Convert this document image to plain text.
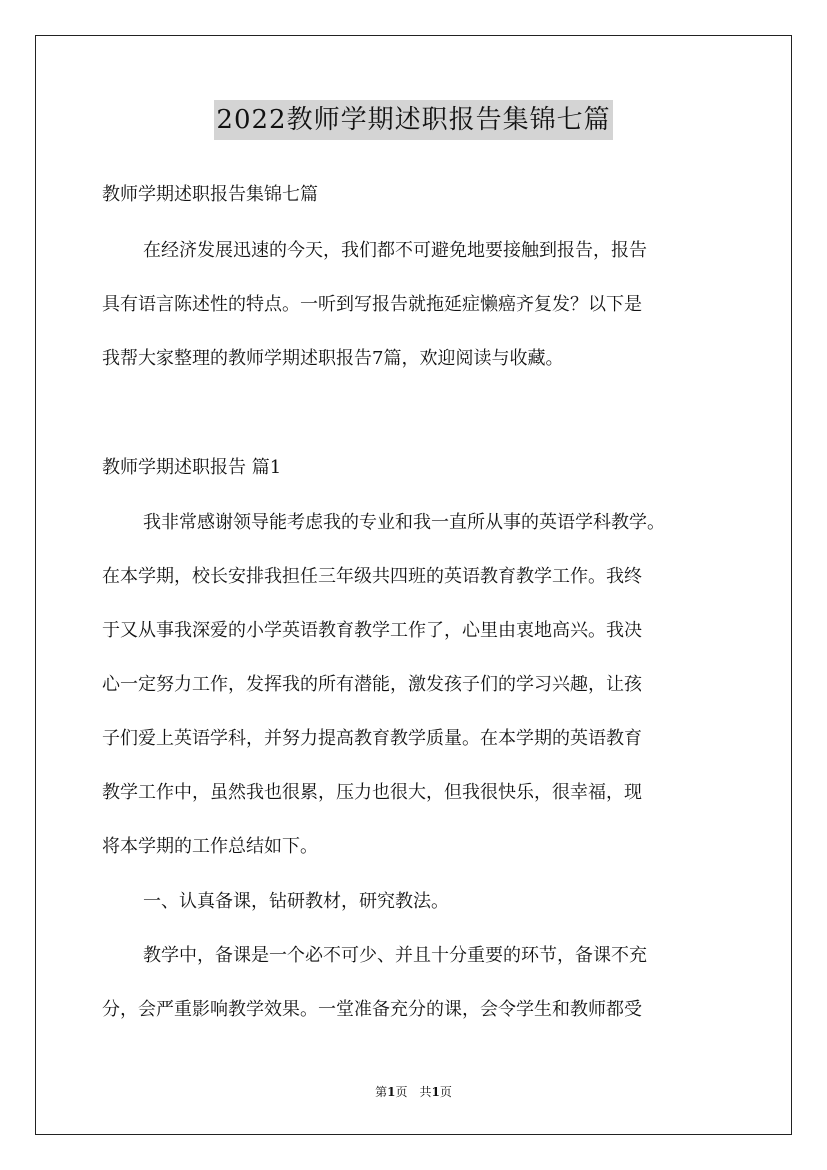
2022教师学期述职报告集锦七篇
教师学期述职报告集锦七篇
在经济发展迅速的今天，我们都不可避免地要接触到报告，报告
具有语言陈述性的特点。一听到写报告就拖延症懒癌齐复发？以下是
我帮大家整理的教师学期述职报告7篇，欢迎阅读与收藏。
教师学期述职报告 篇1
我非常感谢领导能考虑我的专业和我一直所从事的英语学科教学。
在本学期，校长安排我担任三年级共四班的英语教育教学工作。我终
于又从事我深爱的小学英语教育教学工作了，心里由衷地高兴。我决
心一定努力工作，发挥我的所有潜能，激发孩子们的学习兴趣，让孩
子们爱上英语学科，并努力提高教育教学质量。在本学期的英语教育
教学工作中，虽然我也很累，压力也很大，但我很快乐，很幸福，现
将本学期的工作总结如下。
一、认真备课，钻研教材，研究教法。
教学中，备课是一个必不可少、并且十分重要的环节，备课不充
分，会严重影响教学效果。一堂准备充分的课，会令学生和教师都受
第1页　共1页
